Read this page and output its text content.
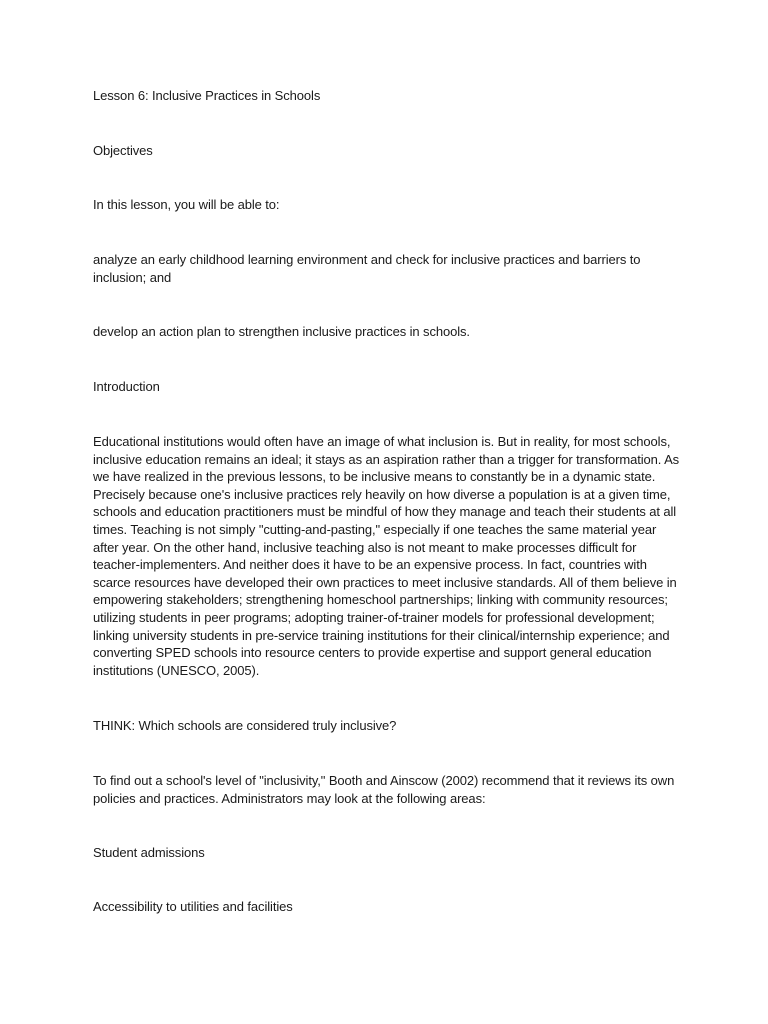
Lesson 6: Inclusive Practices in Schools

Objectives

In this lesson, you will be able to:

analyze an early childhood learning environment and check for inclusive practices and barriers to inclusion; and

develop an action plan to strengthen inclusive practices in schools.

Introduction

Educational institutions would often have an image of what inclusion is. But in reality, for most schools, inclusive education remains an ideal; it stays as an aspiration rather than a trigger for transformation. As we have realized in the previous lessons, to be inclusive means to constantly be in a dynamic state. Precisely because one's inclusive practices rely heavily on how diverse a population is at a given time, schools and education practitioners must be mindful of how they manage and teach their students at all times. Teaching is not simply "cutting-and-pasting," especially if one teaches the same material year after year. On the other hand, inclusive teaching also is not meant to make processes difficult for teacher-implementers. And neither does it have to be an expensive process. In fact, countries with scarce resources have developed their own practices to meet inclusive standards. All of them believe in empowering stakeholders; strengthening homeschool partnerships; linking with community resources; utilizing students in peer programs; adopting trainer-of-trainer models for professional development; linking university students in pre-service training institutions for their clinical/internship experience; and converting SPED schools into resource centers to provide expertise and support general education institutions (UNESCO, 2005).

THINK: Which schools are considered truly inclusive?

To find out a school's level of "inclusivity," Booth and Ainscow (2002) recommend that it reviews its own policies and practices. Administrators may look at the following areas:

Student admissions

Accessibility to utilities and facilities
